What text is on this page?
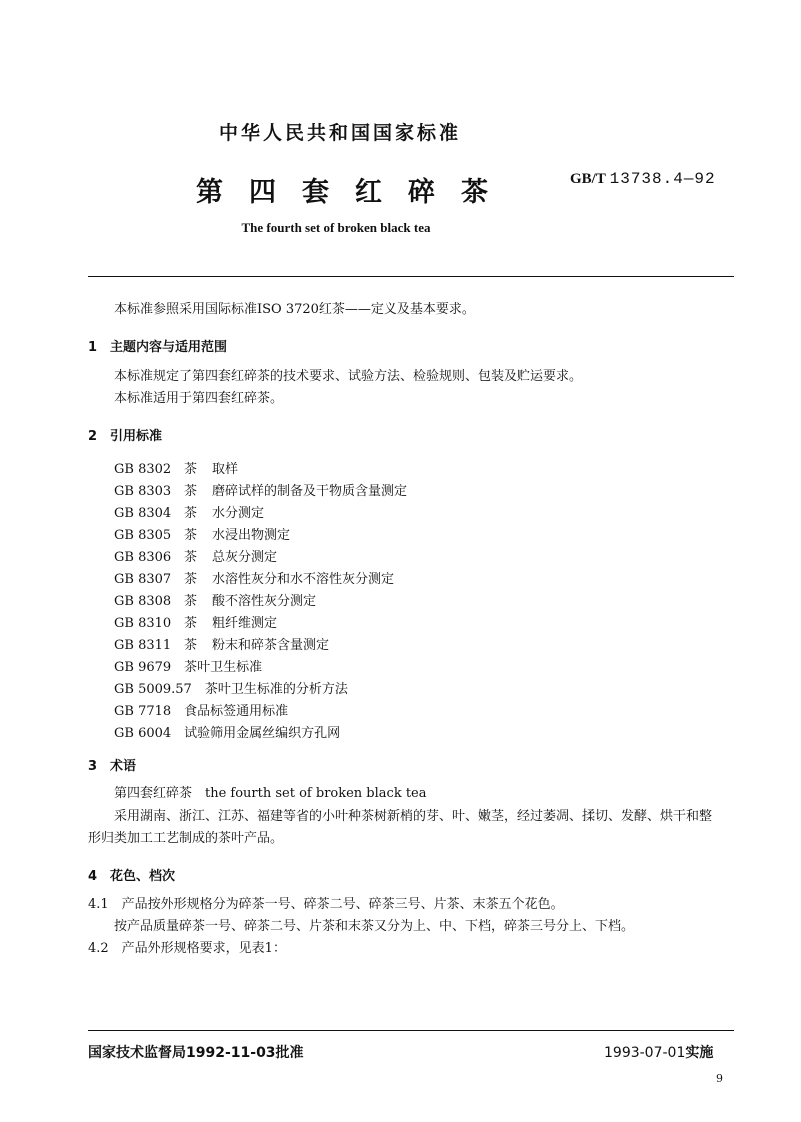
中华人民共和国国家标准
第四套红碎茶	GB/T 13738.4—92
The fourth set of broken black tea
本标准参照采用国际标准ISO 3720红茶——定义及基本要求。
1　主题内容与适用范围
本标准规定了第四套红碎茶的技术要求、试验方法、检验规则、包装及贮运要求。
本标准适用于第四套红碎茶。
2　引用标准
GB 8302 茶 取样
GB 8303 茶 磨碎试样的制备及干物质含量测定
GB 8304 茶 水分测定
GB 8305 茶 水浸出物测定
GB 8306 茶 总灰分测定
GB 8307 茶 水溶性灰分和水不溶性灰分测定
GB 8308 茶 酸不溶性灰分测定
GB 8310 茶 粗纤维测定
GB 8311 茶 粉末和碎茶含量测定
GB 9679　茶叶卫生标准
GB 5009.57　茶叶卫生标准的分析方法
GB 7718　食品标签通用标准
GB 6004　试验筛用金属丝编织方孔网
3　术语
第四套红碎茶　the fourth set of broken black tea
采用湖南、浙江、江苏、福建等省的小叶种茶树新梢的芽、叶、嫩茎，经过萎凋、揉切、发酵、烘干和整
形归类加工工艺制成的茶叶产品。
4　花色、档次
4.1　产品按外形规格分为碎茶一号、碎茶二号、碎茶三号、片茶、末茶五个花色。
按产品质量碎茶一号、碎茶二号、片茶和末茶又分为上、中、下档，碎茶三号分上、下档。
4.2　产品外形规格要求，见表1：
国家技术监督局1992-11-03批准	1993-07-01实施
9
